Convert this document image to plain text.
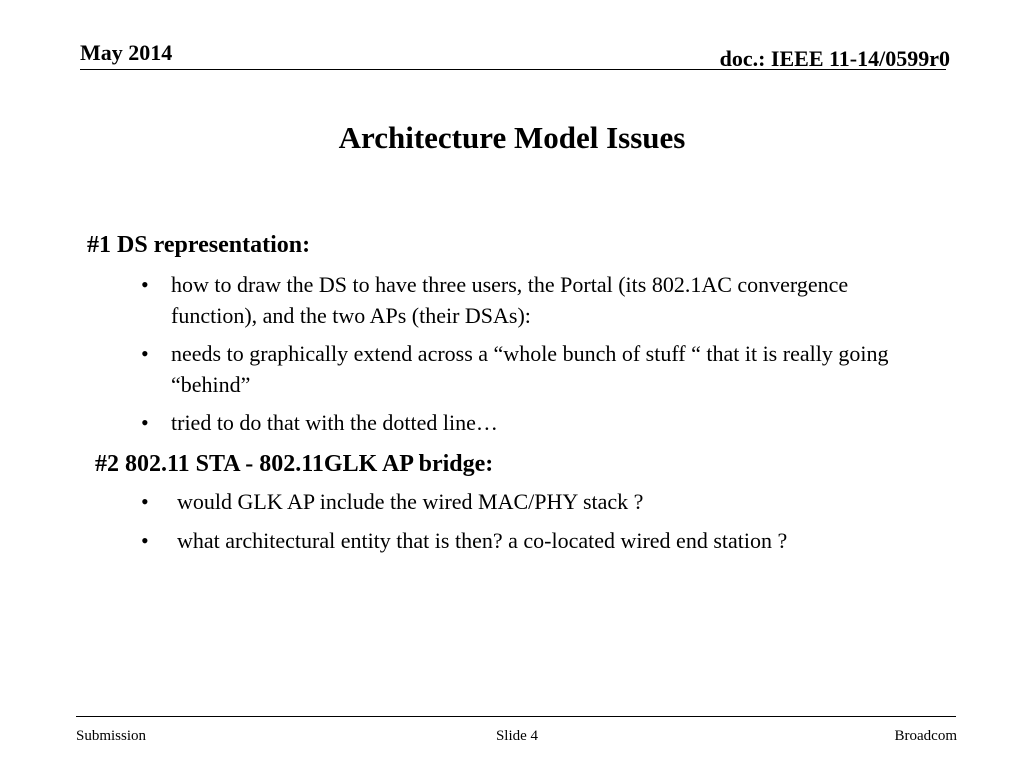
May 2014	doc.: IEEE 11-14/0599r0
Architecture Model Issues
#1 DS representation:
• how to draw the DS to have three users, the Portal (its 802.1AC convergence function), and the two APs (their DSAs):
• needs to graphically extend across a “whole bunch of stuff “ that it is really going “behind”
• tried to do that with the dotted line…
#2 802.11 STA - 802.11GLK AP bridge:
• would GLK AP include the wired MAC/PHY stack ?
• what architectural entity that is then? a co-located wired end station ?
Submission	Slide 4	Broadcom
